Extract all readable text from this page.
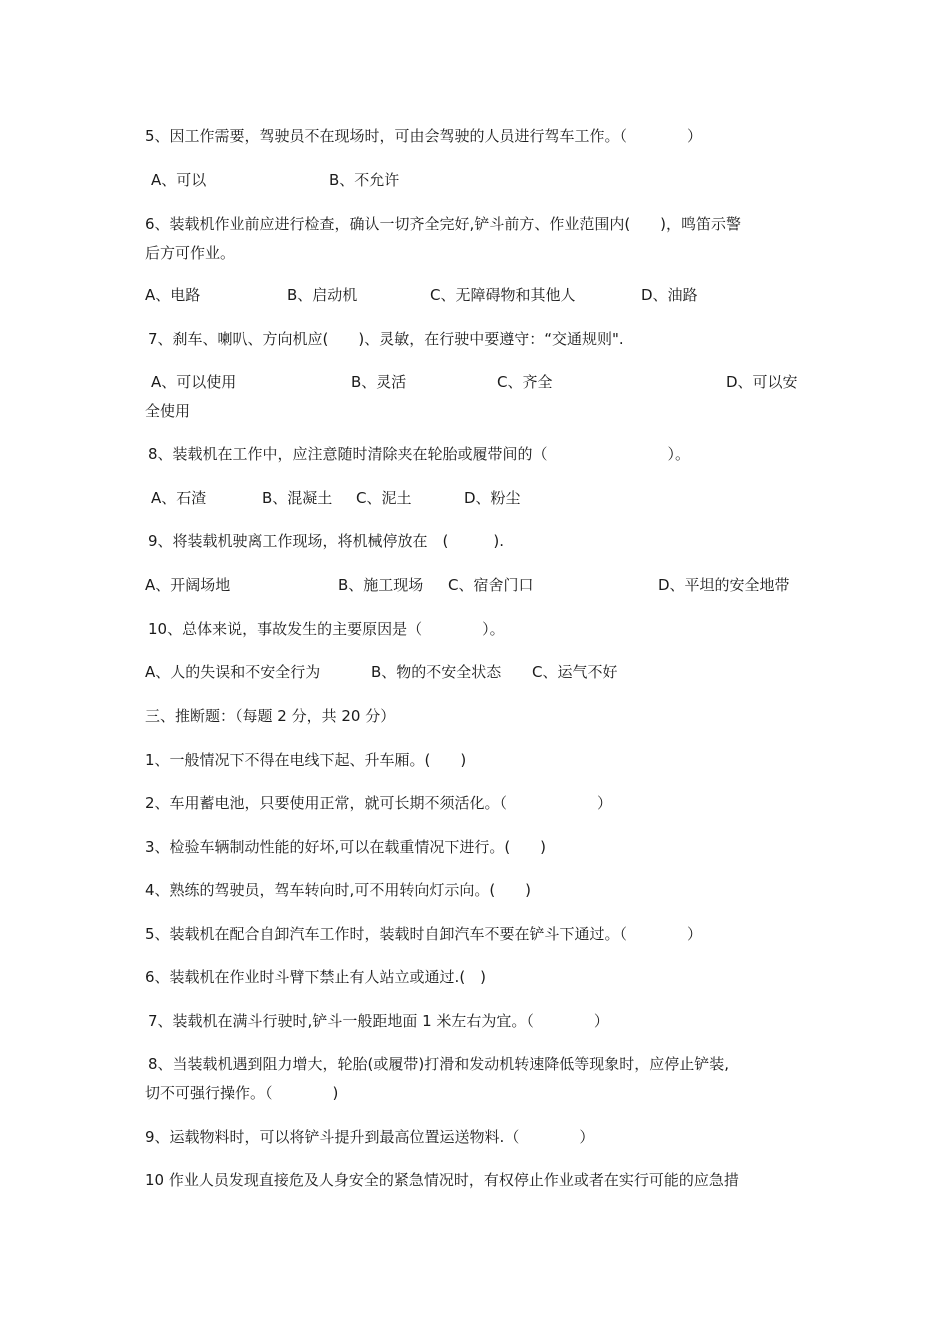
5、因工作需要，驾驶员不在现场时，可由会驾驶的人员进行驾车工作。（　　　　）
A、可以	B、不允许
6、装载机作业前应进行检查，确认一切齐全完好,铲斗前方、作业范围内(　　)，鸣笛示警
后方可作业。
A、电路	B、启动机	C、无障碍物和其他人	D、油路
7、刹车、喇叭、方向机应(　　)、灵敏，在行驶中要遵守：“交通规则".
A、可以使用	B、灵活	C、齐全	D、可以安
全使用
8、装载机在工作中，应注意随时清除夹在轮胎或履带间的（　　　　　　　　）。
A、石渣	B、混凝土 C、泥土	D、粉尘
9、将装载机驶离工作现场，将机械停放在　(　　　).
A、开阔场地	B、施工现场 C、宿舍门口	D、平坦的安全地带
10、总体来说，事故发生的主要原因是（　　　　）。
A、人的失误和不安全行为	B、物的不安全状态 C、运气不好
三、推断题：（每题 2 分，共 20 分）
1、一般情况下不得在电线下起、升车厢。(　　)
2、车用蓄电池，只要使用正常，就可长期不须活化。（　　　　　　）
3、检验车辆制动性能的好坏,可以在载重情况下进行。(　　)
4、熟练的驾驶员，驾车转向时,可不用转向灯示向。(　　)
5、装载机在配合自卸汽车工作时，装载时自卸汽车不要在铲斗下通过。（　　　　）
6、装载机在作业时斗臂下禁止有人站立或通过.(　)
7、装载机在满斗行驶时,铲斗一般距地面 1 米左右为宜。（　　　　）
8、当装载机遇到阻力增大，轮胎(或履带)打滑和发动机转速降低等现象时，应停止铲装,
切不可强行操作。（　　　　)
9、运载物料时，可以将铲斗提升到最高位置运送物料.（　　　　）
10 作业人员发现直接危及人身安全的紧急情况时，有权停止作业或者在实行可能的应急措
